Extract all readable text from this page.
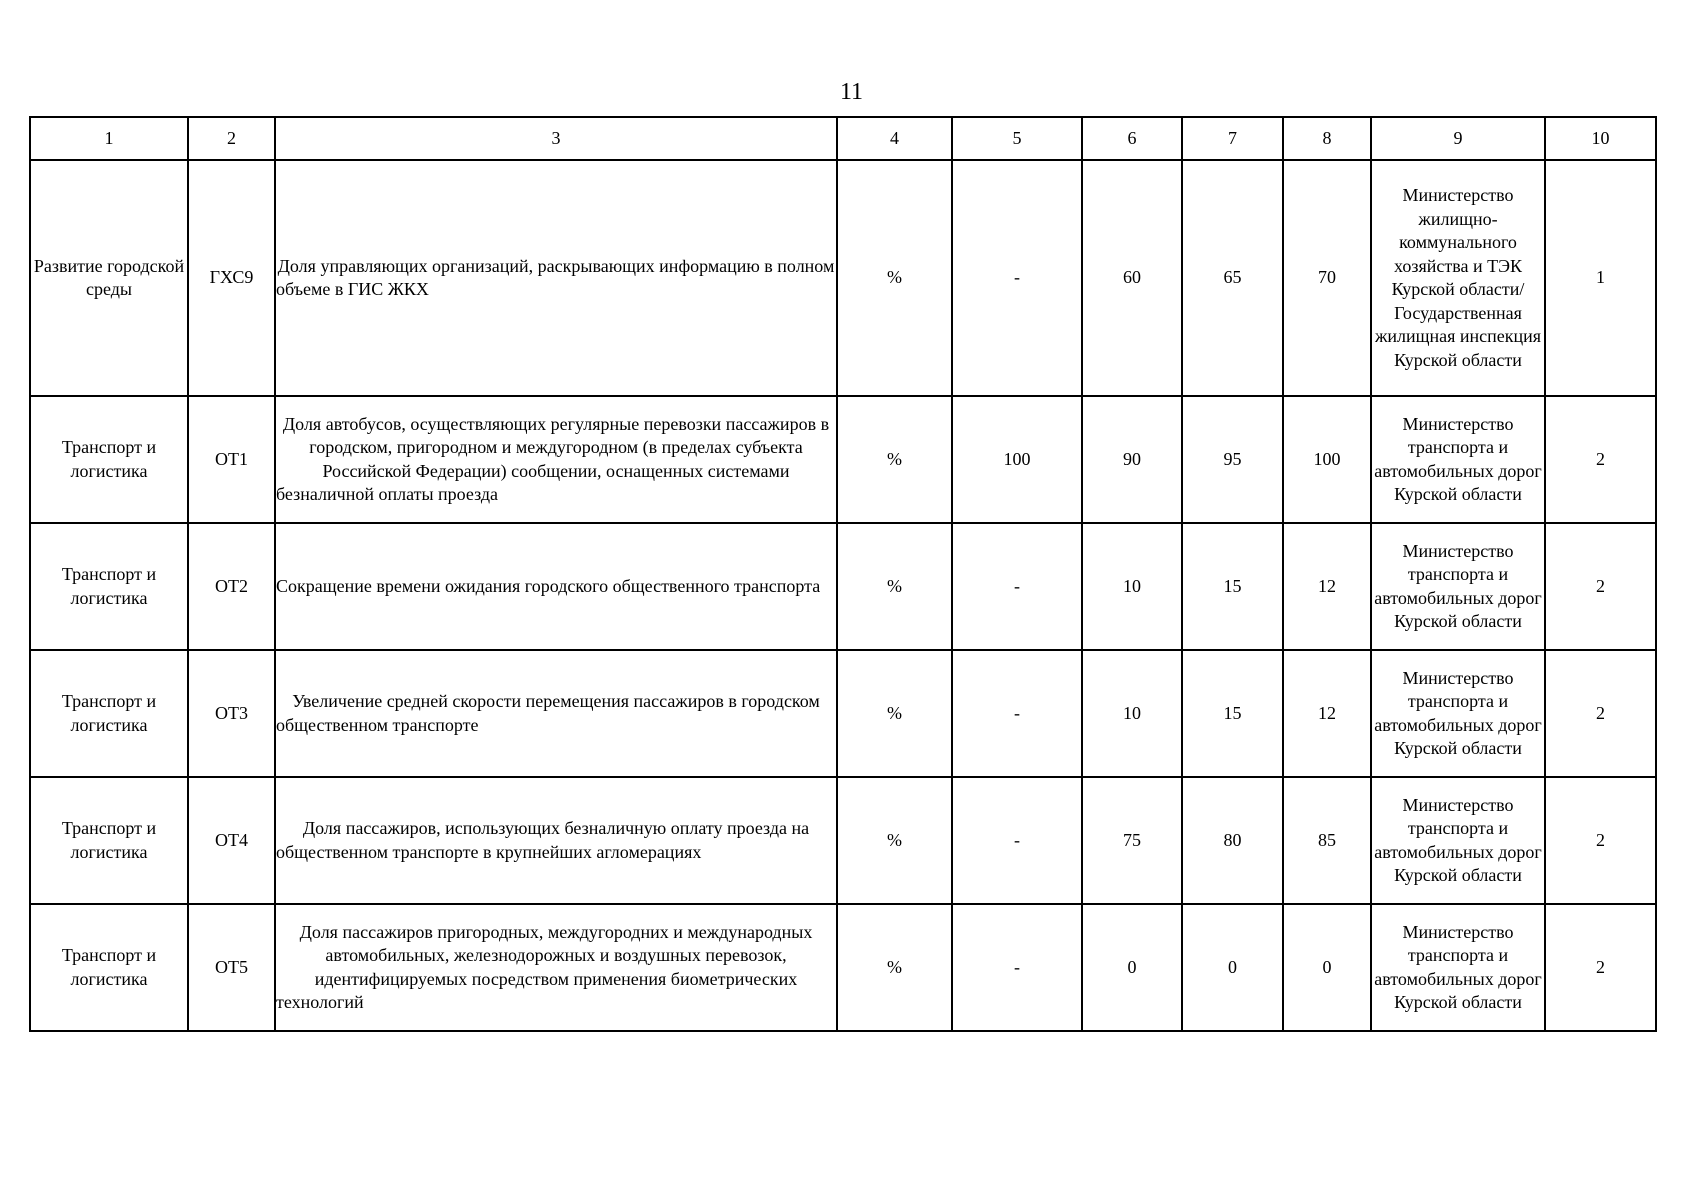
11
1	2	3	4	5	6	7	8	9	10
Развитие городской среды	ГХС9	Доля управляющих организаций, раскрывающих информацию в полном объеме в ГИС ЖКХ	%	-	60	65	70	Министерство жилищно-коммунального хозяйства и ТЭК Курской области/ Государственная жилищная инспекция Курской области	1
Транспорт и логистика	ОТ1	Доля автобусов, осуществляющих регулярные перевозки пассажиров в городском, пригородном и междугородном (в пределах субъекта Российской Федерации) сообщении, оснащенных системами безналичной оплаты проезда	%	100	90	95	100	Министерство транспорта и автомобильных дорог Курской области	2
Транспорт и логистика	ОТ2	Сокращение времени ожидания городского общественного транспорта	%	-	10	15	12	Министерство транспорта и автомобильных дорог Курской области	2
Транспорт и логистика	ОТ3	Увеличение средней скорости перемещения пассажиров в городском общественном транспорте	%	-	10	15	12	Министерство транспорта и автомобильных дорог Курской области	2
Транспорт и логистика	ОТ4	Доля пассажиров, использующих безналичную оплату проезда на общественном транспорте в крупнейших агломерациях	%	-	75	80	85	Министерство транспорта и автомобильных дорог Курской области	2
Транспорт и логистика	ОТ5	Доля пассажиров пригородных, междугородних и международных автомобильных, железнодорожных и воздушных перевозок, идентифицируемых посредством применения биометрических технологий	%	-	0	0	0	Министерство транспорта и автомобильных дорог Курской области	2
